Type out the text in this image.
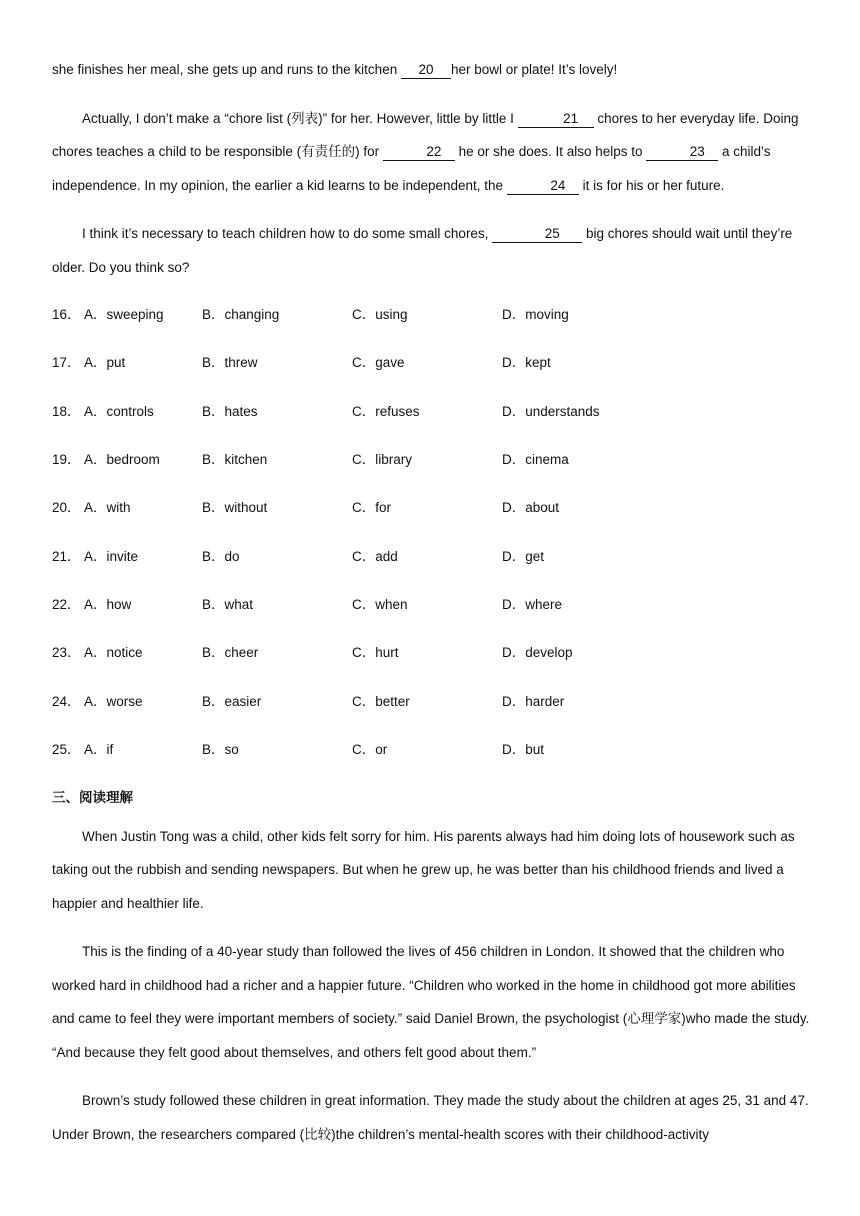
she finishes her meal, she gets up and runs to the kitchen 20 her bowl or plate! It’s lovely!

Actually, I don’t make a “chore list (列表)” for her. However, little by little I	21 chores to her everyday life. Doing chores teaches a child to be responsible (有责任的) for	22 he or she does. It also helps to	23 a child’s independence. In my opinion, the earlier a kid learns to be independent, the	24 it is for his or her future.

I think it’s necessary to teach children how to do some small chores,	25 big chores should wait until they’re older. Do you think so?

16． A．sweeping	B．changing	C．using	D．moving
17． A．put	B．threw	C．gave	D．kept
18． A．controls	B．hates	C．refuses	D．understands
19． A．bedroom	B．kitchen	C．library	D．cinema
20． A．with	B．without	C．for	D．about
21． A．invite	B．do	C．add	D．get
22． A．how	B．what	C．when	D．where
23． A．notice	B．cheer	C．hurt	D．develop
24． A．worse	B．easier	C．better	D．harder
25． A．if	B．so	C．or	D．but
三、阅读理解

When Justin Tong was a child, other kids felt sorry for him. His parents always had him doing lots of housework such as taking out the rubbish and sending newspapers. But when he grew up, he was better than his childhood friends and lived a happier and healthier life.

This is the finding of a 40-year study than followed the lives of 456 children in London. It showed that the children who worked hard in childhood had a richer and a happier future. “Children who worked in the home in childhood got more abilities and came to feel they were important members of society.” said Daniel Brown, the psychologist (心理学家)who made the study. “And because they felt good about themselves, and others felt good about them.”

Brown’s study followed these children in great information. They made the study about the children at ages 25, 31 and 47. Under Brown, the researchers compared (比较)the children’s mental-health scores with their childhood-activity
